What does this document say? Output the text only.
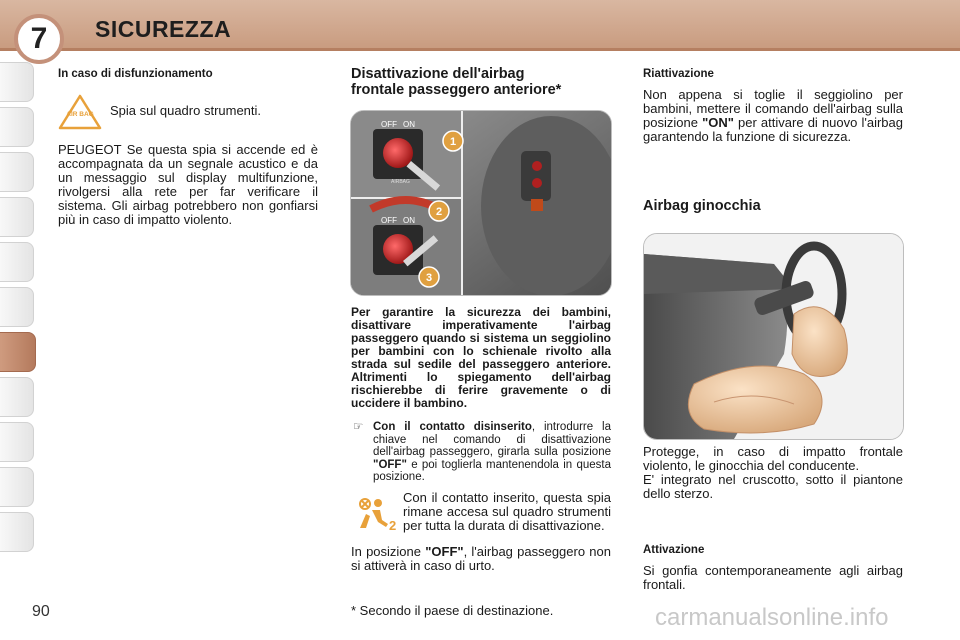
7	SICUREZZA
In caso di disfunzionamento
AIR BAG Spia sul quadro strumenti.
PEUGEOT Se questa spia si accende ed è accompagnata da un segnale acustico e da un messaggio sul display multifunzione, rivolgersi alla rete per far verificare il sistema. Gli airbag potrebbero non gonfiarsi più in caso di impatto violento.
Disattivazione dell'airbag
frontale passeggero anteriore*
OFF ON
AIRBAG
1
2
OFF ON
3
Per garantire la sicurezza dei bambini, disattivare imperativamente l'airbag passeggero quando si sistema un seggiolino per bambini con lo schienale rivolto alla strada sul sedile del passeggero anteriore. Altrimenti lo spiegamento dell'airbag rischierebbe di ferire gravemente o di uccidere il bambino.
☞ Con il contatto disinserito, introdurre la chiave nel comando di disattivazione dell'airbag passeggero, girarla sulla posizione "OFF" e poi toglierla mantenendola in questa posizione.
2
Con il contatto inserito, questa spia rimane accesa sul quadro strumenti per tutta la durata di disattivazione.
In posizione "OFF", l'airbag passeggero non si attiverà in caso di urto.
* Secondo il paese di destinazione.
Riattivazione
Non appena si toglie il seggiolino per bambini, mettere il comando dell'airbag sulla posizione "ON" per attivare di nuovo l'airbag garantendo la funzione di sicurezza.
Airbag ginocchia
Protegge, in caso di impatto frontale violento, le ginocchia del conducente.
E' integrato nel cruscotto, sotto il piantone dello sterzo.
Attivazione
Si gonfia contemporaneamente agli airbag frontali.
90	carmanualsonline.info
